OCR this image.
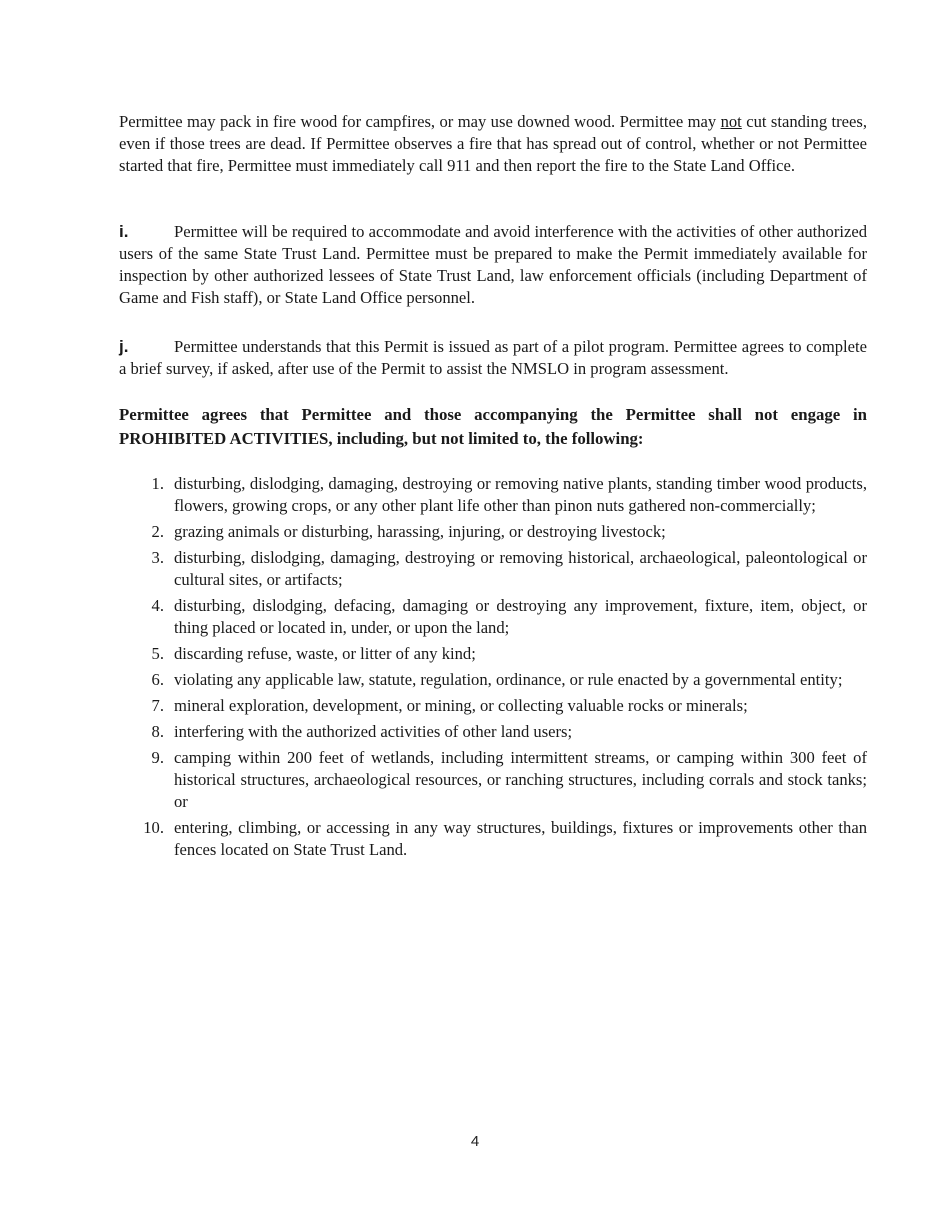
Permittee may pack in fire wood for campfires, or may use downed wood. Permittee may not cut standing trees, even if those trees are dead. If Permittee observes a fire that has spread out of control, whether or not Permittee started that fire, Permittee must immediately call 911 and then report the fire to the State Land Office.
i.	Permittee will be required to accommodate and avoid interference with the activities of other authorized users of the same State Trust Land. Permittee must be prepared to make the Permit immediately available for inspection by other authorized lessees of State Trust Land, law enforcement officials (including Department of Game and Fish staff), or State Land Office personnel.
j.	Permittee understands that this Permit is issued as part of a pilot program. Permittee agrees to complete a brief survey, if asked, after use of the Permit to assist the NMSLO in program assessment.
Permittee agrees that Permittee and those accompanying the Permittee shall not engage in PROHIBITED ACTIVITIES, including, but not limited to, the following:
1. disturbing, dislodging, damaging, destroying or removing native plants, standing timber wood products, flowers, growing crops, or any other plant life other than pinon nuts gathered non-commercially;
2. grazing animals or disturbing, harassing, injuring, or destroying livestock;
3. disturbing, dislodging, damaging, destroying or removing historical, archaeological, paleontological or cultural sites, or artifacts;
4. disturbing, dislodging, defacing, damaging or destroying any improvement, fixture, item, object, or thing placed or located in, under, or upon the land;
5. discarding refuse, waste, or litter of any kind;
6. violating any applicable law, statute, regulation, ordinance, or rule enacted by a governmental entity;
7. mineral exploration, development, or mining, or collecting valuable rocks or minerals;
8. interfering with the authorized activities of other land users;
9. camping within 200 feet of wetlands, including intermittent streams, or camping within 300 feet of historical structures, archaeological resources, or ranching structures, including corrals and stock tanks; or
10. entering, climbing, or accessing in any way structures, buildings, fixtures or improvements other than fences located on State Trust Land.
4
